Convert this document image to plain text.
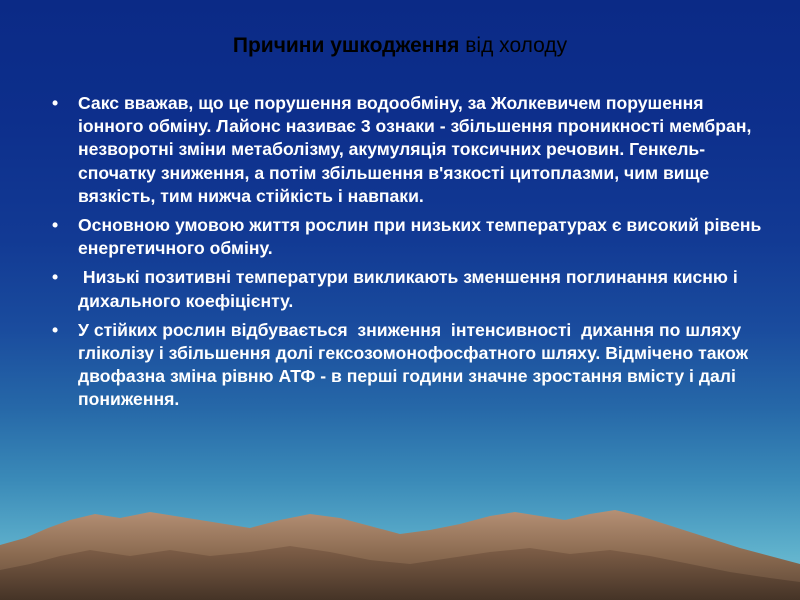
Причини ушкодження від холоду
•	Сакс вважав, що це порушення водообміну, за Жолкевичем порушення іонного обміну. Лайонс називає 3 ознаки - збільшення проникності мембран, незворотні зміни метаболізму, акумуляція токсичних речовин. Генкель- спочатку зниження, а потім збільшення в'язкості цитоплазми, чим вище вязкість, тим нижча стійкість і навпаки.
•	Основною умовою життя рослин при низьких температурах є високий рівень енергетичного обміну.
•	Низькі позитивні температури викликають зменшення поглинання кисню і дихального коефіцієнту.
•	У стійких рослин відбувається  зниження  інтенсивності  дихання по шляху гліколізу і збільшення долі гексозомонофосфатного шляху. Відмічено також двофазна зміна рівню АТФ - в перші години значне зростання вмісту і далі пониження.
